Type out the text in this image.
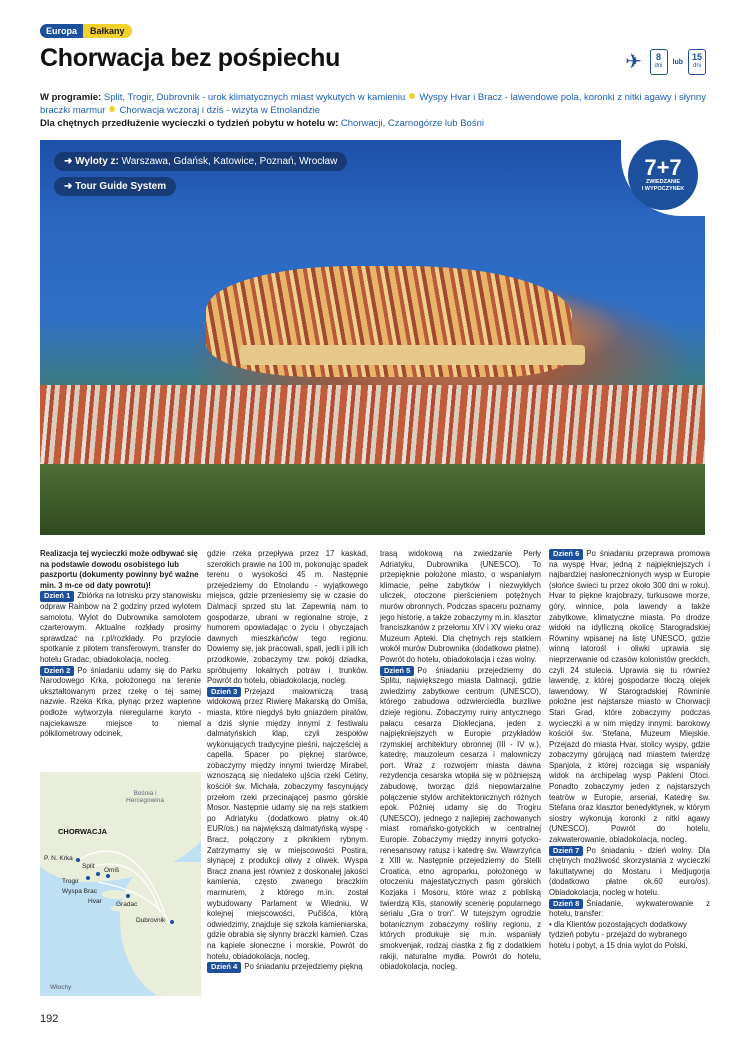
Europa	Bałkany
Chorwacja bez pośpiechu	✈ 8
dni
lub 15
dni
W programie: Split, Trogir, Dubrovnik - urok klimatycznych miast wykutych w kamieniu Wyspy Hvar i Bracz - lawendowe pola, koronki z nitki agawy i słynny braczki marmur Chorwacja wczoraj i dziś - wizyta w Etnolandzie
Dla chętnych przedłużenie wycieczki o tydzień pobytu w hotelu w: Chorwacji, Czarnogórze lub Bośni
➜ Wyloty z: Warszawa, Gdańsk, Katowice, Poznań, Wrocław
➜ Tour Guide System
7+7
ZWIEDZANIE
I WYPOCZYNEK

Realizacja tej wycieczki może odbywać się na podstawie dowodu osobistego lub paszportu (dokumenty powinny być ważne min. 3 m-ce od daty powrotu)!

Dzień 1 Zbiórka na lotnisku przy stanowisku odpraw Rainbow na 2 godziny przed wylotem samolotu. Wylot do Dubrownika samolotem czarterowym. Aktualne rozkłady prosimy sprawdzać na r.pl/rozkłady. Po przylocie spotkanie z pilotem transferowym, transfer do hotelu Gradac, obiadokolacja, nocleg.

Dzień 2 Po śniadaniu udamy się do Parku Narodowego Krka, położonego na terenie ukształtowanym przez rzekę o tej samej nazwie. Rzeka Krka, płynąc przez wapienne podłoże wytworzyła nieregularne koryto - najciekawsze miejsce to niemal półkilometrowy odcinek,

Bośnia i Hercegowina
CHORWACJA
P. N. Krka
Split
Omiš
Trogir
Wyspa Brac
Hvar Gradac
Dubrovnik
Włochy

gdzie rzeka przepływa przez 17 kaskad, szerokich prawie na 100 m, pokonując spadek terenu o wysokości 45 m. Następnie przejedziemy do Etnolandu - wyjątkowego miejsca, gdzie przeniesiemy się w czasie do Dalmacji sprzed stu lat. Zapewnią nam to gospodarze, ubrani w regionalne stroje, z humorem opowiadając o życiu i obyczajach dawnych mieszkańców tego regionu. Dowiemy się, jak pracowali, spali, jedli i pili ich przodkowie, zobaczymy tzw. pokój dziadka, spróbujemy lokalnych potraw i trunków. Powrót do hotelu, obiadokolacja, nocleg.

Dzień 3 Przejazd malowniczą trasą widokową przez Riwierę Makarską do Omiša, miasta, które niegdyś było gniazdem piratów, a dziś słynie między innymi z festiwalu dalmatyńskich klap, czyli zespołów wykonujących tradycyjne pieśni, najczęściej a capella. Spacer po pięknej starówce, zobaczymy między innymi twierdzę Mirabel, wznoszącą się niedaleko ujścia rzeki Cetiny, kościół św. Michała, zobaczymy fascynujący przełom rzeki przecinającej pasmo górskie Mosor. Następnie udamy się na rejs statkiem po Adriatyku (dodatkowo płatny ok.40 EUR/os.) na największą dalmatyńską wyspę - Bracz, połączony z piknikiem rybnym. Zatrzymamy się w miejscowości Postira, słynącej z produkcji oliwy z oliwek. Wyspa Bracz znana jest również z doskonałej jakości kamienia, często zwanego braczkim marmurem, z którego m.in. został wybudowany Parlament w Wiedniu. W kolejnej miejscowości, Pučišća, którą odwiedzimy, znajduje się szkoła kamieniarska, gdzie obrabia się słynny braczki kamień. Czas na kąpiele słoneczne i morskie. Powrót do hotelu, obiadokolacja, nocleg.

Dzień 4 Po śniadaniu przejedziemy piękną

trasą widokową na zwiedzanie Perły Adriatyku, Dubrownika (UNESCO). To przepięknie położone miasto, o wspaniałym klimacie, pełne zabytków i niezwykłych uliczek, otoczone pierścieniem potężnych murów obronnych. Podczas spaceru poznamy jego historię, a także zobaczymy m.in. klasztor franciszkanów z przełomu XIV i XV wieku oraz Muzeum Apteki. Dla chętnych rejs statkiem wokół murów Dubrownika (dodatkowo płatne). Powrót do hotelu, obiadokolacja i czas wolny.

Dzień 5 Po śniadaniu przejedziemy do Splitu, największego miasta Dalmacji, gdzie zwiedzimy zabytkowe centrum (UNESCO), którego zabudowa odzwierciedla burzliwe dzieje regionu. Zobaczymy ruiny antycznego pałacu cesarza Dioklecjana, jeden z najpiękniejszych w Europie przykładów rzymskiej architektury obronnej (III - IV w.), katedrę, mauzoleum cesarza i malowniczy port. Wraz z rozwojem miasta dawna rezydencja cesarska wtopiła się w późniejszą zabudowę, tworząc dziś niepowtarzalne połączenie stylów architektonicznych różnych epok. Później udamy się do Trogiru (UNESCO), jednego z najlepiej zachowanych miast romańsko-gotyckich w centralnej Europie. Zobaczymy między innymi gotycko-renesansowy ratusz i katedrę św. Wawrzyńca z XIII w. Następnie przejedziemy do Stelli Croatica, etno agroparku, położonego w otoczeniu majestatycznych pasm górskich Kozjaka i Mosoru, które wraz z pobliską twierdzą Klis, stanowiły scenerię popularnego serialu „Gra o tron”. W tutejszym ogrodzie botanicznym zobaczymy rośliny regionu, z których produkuje się m.in. wspaniały smokvenjak, rodzaj ciastka z fig z dodatkiem rakiji, naturalne mydła. Powrót do hotelu, obiadokolacja, nocleg.

Dzień 6 Po śniadaniu przeprawa promowa na wyspę Hvar, jedną z najpiękniejszych i najbardziej nasłonecznionych wysp w Europie (słońce świeci tu przez około 300 dni w roku). Hvar to piękne krajobrazy, turkusowe morze, góry, winnice, pola lawendy a także zabytkowe, klimatyczne miasta. Po drodze widoki na idylliczną okolicę Starogradskiej Równiny wpisanej na listę UNESCO, gdzie winną latorośl i oliwki uprawia się nieprzerwanie od czasów kolonistów greckich, czyli 24 stulecia. Uprawia się tu również lawendę, z której gospodarze tłoczą olejek lawendowy. W Starogradskiej Równinie położne jest najstarsze miasto w Chorwacji Stari Grad, które zobaczymy podczas wycieczki a w nim między innymi: barokowy kościół św. Stefana, Muzeum Miejskie. Przejazd do miasta Hvar, stolicy wyspy, gdzie zobaczymy górującą nad miastem twierdzę Spanjola, z której rozciąga się wspaniały widok na archipelag wysp Pakleni Otoci. Ponadto zobaczymy jeden z najstarszych teatrów w Europie, arsenał, Katedrę św. Stefana oraz klasztor benedyktynek, w którym siostry wykonują koronki z nitki agawy (UNESCO). Powrót do hotelu, zakwaterowanie, obiadokolacja, nocleg.

Dzień 7 Po śniadaniu - dzień wolny. Dla chętnych możliwość skorzystania z wycieczki fakultatywnej do Mostaru i Medjugorja (dodatkowo płatne ok.60 euro/os). Obiadokolacja, nocleg w hotelu.

Dzień 8 Śniadanie, wykwaterowanie z hotelu, transfer:

• dla Klientów pozostających dodatkowy tydzień pobytu - przejazd do wybranego hotelu i pobyt, a 15 dnia wylot do Polski,

192
